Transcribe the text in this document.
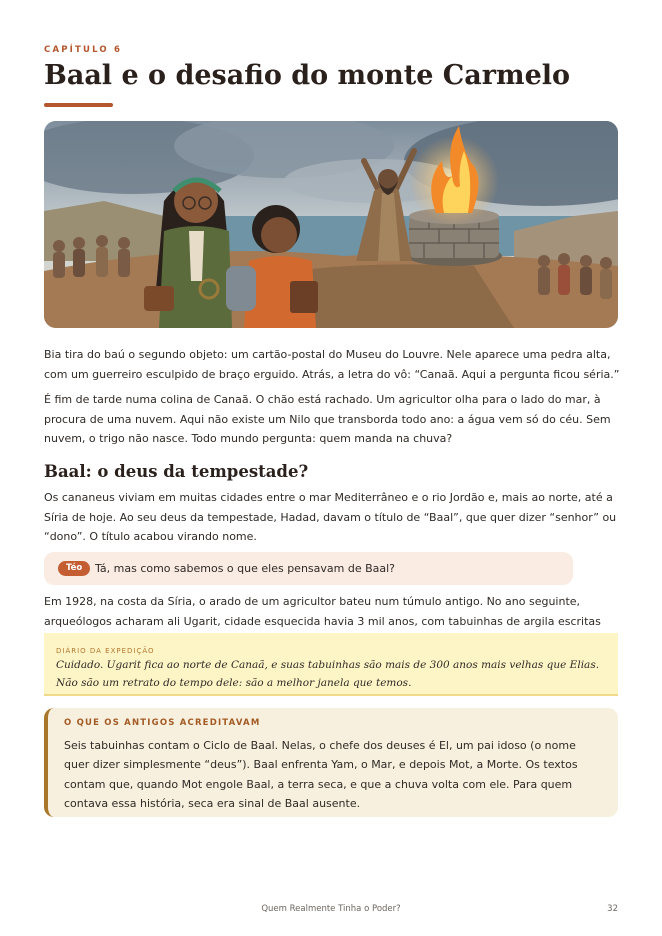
CAPÍTULO 6
Baal e o desafio do monte Carmelo

Bia tira do baú o segundo objeto: um cartão-postal do Museu do Louvre. Nele aparece uma pedra alta, com um guerreiro esculpido de braço erguido. Atrás, a letra do vô: “Canaã. Aqui a pergunta ficou séria.”

É fim de tarde numa colina de Canaã. O chão está rachado. Um agricultor olha para o lado do mar, à procura de uma nuvem. Aqui não existe um Nilo que transborda todo ano: a água vem só do céu. Sem nuvem, o trigo não nasce. Todo mundo pergunta: quem manda na chuva?

Baal: o deus da tempestade?

Os cananeus viviam em muitas cidades entre o mar Mediterrâneo e o rio Jordão e, mais ao norte, até a Síria de hoje. Ao seu deus da tempestade, Hadad, davam o título de “Baal”, que quer dizer “senhor” ou “dono”. O título acabou virando nome.

Téo	Tá, mas como sabemos o que eles pensavam de Baal?

Em 1928, na costa da Síria, o arado de um agricultor bateu num túmulo antigo. No ano seguinte, arqueólogos acharam ali Ugarit, cidade esquecida havia 3 mil anos, com tabuinhas de argila escritas

DIÁRIO DA EXPEDIÇÃO

Cuidado. Ugarit fica ao norte de Canaã, e suas tabuinhas são mais de 300 anos mais velhas que Elias. Não são um retrato do tempo dele: são a melhor janela que temos.

O QUE OS ANTIGOS ACREDITAVAM

Seis tabuinhas contam o Ciclo de Baal. Nelas, o chefe dos deuses é El, um pai idoso (o nome quer dizer simplesmente “deus”). Baal enfrenta Yam, o Mar, e depois Mot, a Morte. Os textos contam que, quando Mot engole Baal, a terra seca, e que a chuva volta com ele. Para quem contava essa história, seca era sinal de Baal ausente.

Quem Realmente Tinha o Poder?	32
